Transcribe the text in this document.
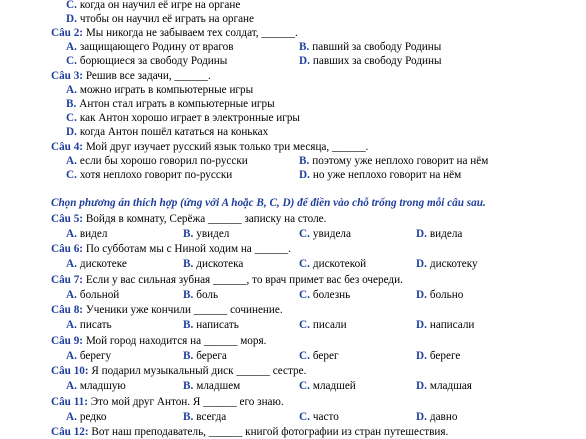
C. когда он научил её игре на органе
D. чтобы он научил её играть на органе
Câu 2: Мы никогда не забываем тех солдат, ______.
A. защищающего Родину от врагов	B. павший за свободу Родины
C. борющиеся за свободу Родины	D. павших за свободу Родины
Câu 3: Решив все задачи, ______.
A. можно играть в компьютерные игры
B. Антон стал играть в компьютерные игры
C. как Антон хорошо играет в электронные игры
D. когда Антон пошёл кататься на коньках
Câu 4: Мой друг изучает русский язык только три месяца, ______.
A. если бы хорошо говорил по-русски	B. поэтому уже неплохо говорит на нём
C. хотя неплохо говорит по-русски	D. но уже неплохо говорит на нём
Chọn phương án thích hợp (ứng với A hoặc B, C, D) để điền vào chỗ trống trong mỗi câu sau.
Câu 5: Войдя в комнату, Серёжа ______ записку на столе.
A. видел	B. увидел	C. увидела	D. видела
Câu 6: По субботам мы с Ниной ходим на ______.
A. дискотеке	B. дискотека	C. дискотекой	D. дискотеку
Câu 7: Если у вас сильная зубная ______, то врач примет вас без очереди.
A. больной	B. боль	C. болезнь	D. больно
Câu 8: Ученики уже кончили ______ сочинение.
A. писать	B. написать	C. писали	D. написали
Câu 9: Мой город находится на ______ моря.
A. берегу	B. берега	C. берег	D. береге
Câu 10: Я подарил музыкальный диск ______ сестре.
A. младшую	B. младшем	C. младшей	D. младшая
Câu 11: Это мой друг Антон. Я ______ его знаю.
A. редко	B. всегда	C. часто	D. давно
Câu 12: Вот наш преподаватель, ______ книгой фотографии из стран путешествия.
